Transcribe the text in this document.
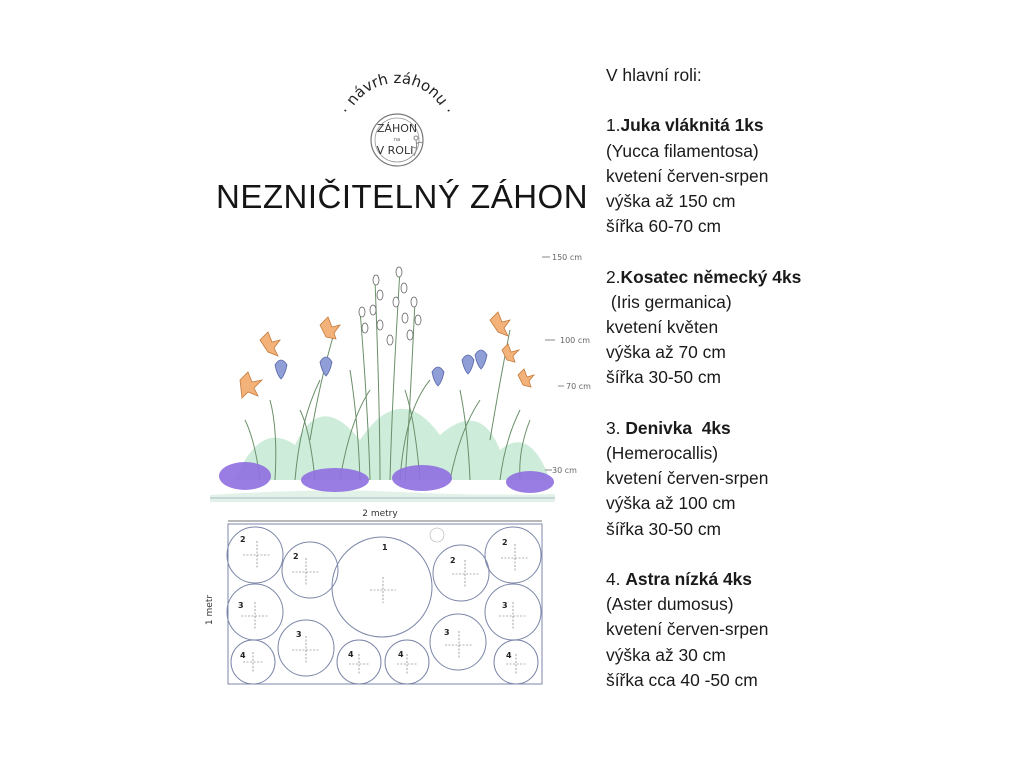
· návrh záhonu ·
ZÁHON
na
V ROLI
NEZNIČITELNÝ ZÁHON
150 cm
100 cm
70 cm
30 cm
2 metry
1 metr
1
2
2	2
2
3
3	3
3
4	4	4	4
V hlavní roli:
1.Juka vláknitá 1ks
(Yucca filamentosa)
kvetení červen-srpen
výška až 150 cm
šířka 60-70 cm
2.Kosatec německý 4ks
(Iris germanica)
kvetení květen
výška až 70 cm
šířka 30-50 cm
3. Denivka  4ks
(Hemerocallis)
kvetení červen-srpen
výška až 100 cm
šířka 30-50 cm
4. Astra nízká 4ks
(Aster dumosus)
kvetení červen-srpen
výška až 30 cm
šířka cca 40 -50 cm
